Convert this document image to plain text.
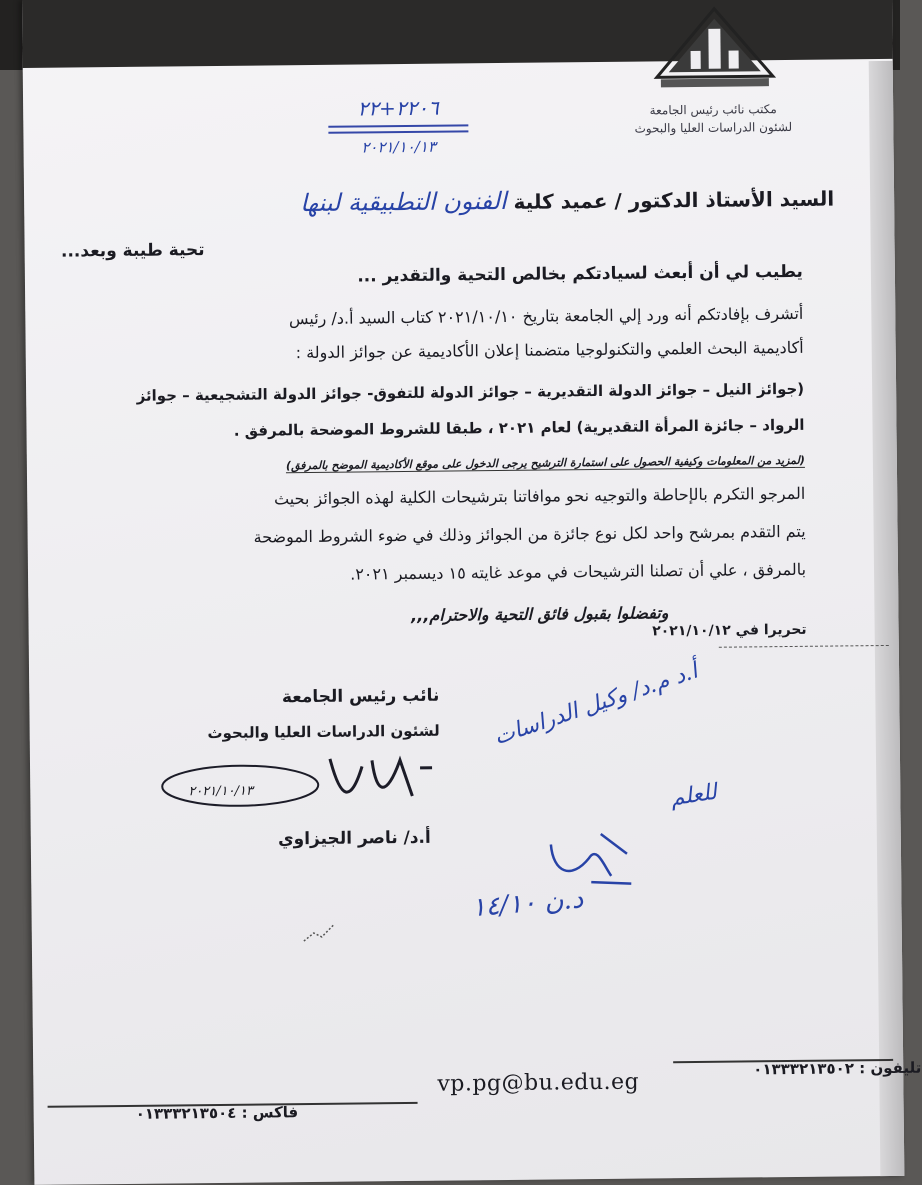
مكتب نائب رئيس الجامعة
لشئون الدراسات العليا والبحوث
٢٢٠٦+٢٢
٢٠٢١/١٠/١٣
السيد الأستاذ الدكتور / عميد كلية الفنون التطبيقية لبنها
تحية طيبة وبعد...
يطيب لي أن أبعث لسيادتكم بخالص التحية والتقدير ...
أتشرف بإفادتكم أنه ورد إلي الجامعة بتاريخ ٢٠٢١/١٠/١٠ كتاب السيد أ.د/ رئيس
أكاديمية البحث العلمي والتكنولوجيا متضمنا إعلان الأكاديمية عن جوائز الدولة :
(جوائز النيل – جوائز الدولة التقديرية – جوائز الدولة للتفوق- جوائز الدولة التشجيعية – جوائز
الرواد – جائزة المرأة التقديرية) لعام ٢٠٢١ ، طبقا للشروط الموضحة بالمرفق .
(لمزيد من المعلومات وكيفية الحصول على استمارة الترشيح يرجى الدخول على موقع الأكاديمية الموضح بالمرفق)
المرجو التكرم بالإحاطة والتوجيه نحو موافاتنا بترشيحات الكلية لهذه الجوائز بحيث
يتم التقدم بمرشح واحد لكل نوع جائزة من الجوائز وذلك في ضوء الشروط الموضحة
بالمرفق ، علي أن تصلنا الترشيحات في موعد غايته ١٥ ديسمبر ٢٠٢١.
وتفضلوا بقبول فائق التحية والاحترام,,,
تحريرا في ٢٠٢١/١٠/١٢
نائب رئيس الجامعة
لشئون الدراسات العليا والبحوث
٢٠٢١/١٠/١٣
أ.د/ ناصر الجيزاوي
أ.د م.د/ وكيل الدراسات
للعلم
د.ن ١٤/١٠
vp.pg@bu.edu.eg
تليفون : ٠١٣٣٣٢١٣٥٠٢
فاكس : ٠١٣٣٣٢١٣٥٠٤
